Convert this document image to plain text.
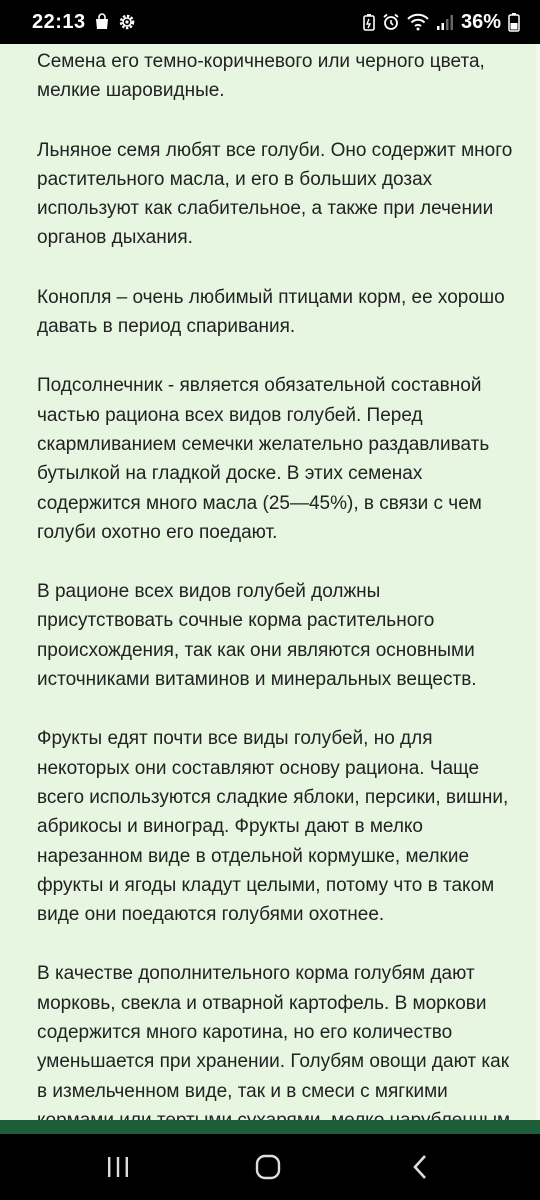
22:13	36%

Семена его темно-коричневого или черного цвета, мелкие шаровидные.

Льняное семя любят все голуби. Оно содержит много растительного масла, и его в больших дозах используют как слабительное, а также при лечении органов дыхания.

Конопля – очень любимый птицами корм, ее хорошо давать в период спаривания.

Подсолнечник - является обязательной составной частью рациона всех видов голубей. Перед скармливанием семечки желательно раздавливать бутылкой на гладкой доске. В этих семенах содержится много масла (25—45%), в связи с чем голуби охотно его поедают.

В рационе всех видов голубей должны присутствовать сочные корма растительного происхождения, так как они являются основными источниками витаминов и минеральных веществ.

Фрукты едят почти все виды голубей, но для некоторых они составляют основу рациона. Чаще всего используются сладкие яблоки, персики, вишни, абрикосы и виноград. Фрукты дают в мелко нарезанном виде в отдельной кормушке, мелкие фрукты и ягоды кладут целыми, потому что в таком виде они поедаются голубями охотнее.

В качестве дополнительного корма голубям дают морковь, свекла и отварной картофель. В моркови содержится много каротина, но его количество уменьшается при хранении. Голубям овощи дают как в измельченном виде, так и в смеси с мягкими
